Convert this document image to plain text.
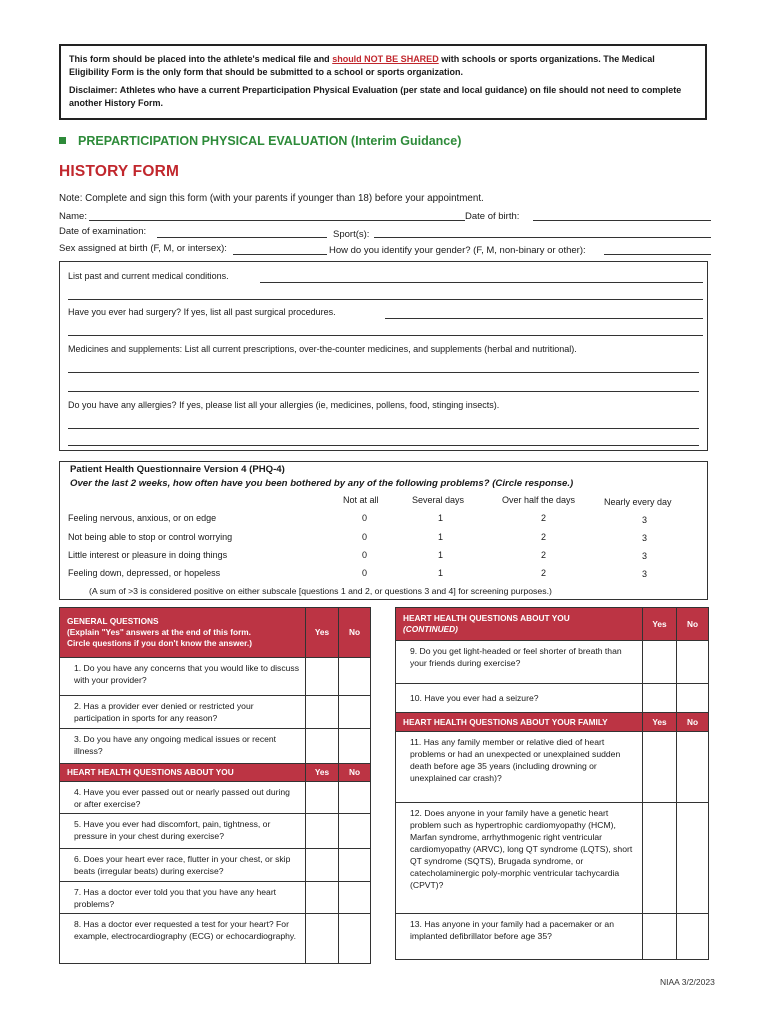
This form should be placed into the athlete's medical file and should NOT BE SHARED with schools or sports organizations. The Medical Eligibility Form is the only form that should be submitted to a school or sports organization.

Disclaimer: Athletes who have a current Preparticipation Physical Evaluation (per state and local guidance) on file should not need to complete another History Form.

PREPARTICIPATION PHYSICAL EVALUATION (Interim Guidance)
HISTORY FORM
Note: Complete and sign this form (with your parents if younger than 18) before your appointment.
Name:	Date of birth:
Date of examination:	Sport(s):
Sex assigned at birth (F, M, or intersex):	How do you identify your gender? (F, M, non-binary or other):
List past and current medical conditions.
Have you ever had surgery? If yes, list all past surgical procedures.
Medicines and supplements: List all current prescriptions, over-the-counter medicines, and supplements (herbal and nutritional).
Do you have any allergies? If yes, please list all your allergies (ie, medicines, pollens, food, stinging insects).
Patient Health Questionnaire Version 4 (PHQ-4)
Over the last 2 weeks, how often have you been bothered by any of the following problems? (Circle response.)
Not at all	Several days	Over half the days	Nearly every day
Feeling nervous, anxious, or on edge	0	1	2	3
Not being able to stop or control worrying	0	1	2	3
Little interest or pleasure in doing things	0	1	2	3
Feeling down, depressed, or hopeless	0	1	2	3
(A sum of >3 is considered positive on either subscale [questions 1 and 2, or questions 3 and 4] for screening purposes.)
GENERAL QUESTIONS
(Explain "Yes" answers at the end of this form.
Circle questions if you don't know the answer.)	Yes	No
1. Do you have any concerns that you would like to discuss with your provider?		
2. Has a provider ever denied or restricted your participation in sports for any reason?		
3. Do you have any ongoing medical issues or recent illness?		
HEART HEALTH QUESTIONS ABOUT YOU	Yes	No
4. Have you ever passed out or nearly passed out during or after exercise?		
5. Have you ever had discomfort, pain, tightness, or pressure in your chest during exercise?		
6. Does your heart ever race, flutter in your chest, or skip beats (irregular beats) during exercise?		
7. Has a doctor ever told you that you have any heart problems?		
8. Has a doctor ever requested a test for your heart? For example, electrocardiography (ECG) or echocardiography.		
HEART HEALTH QUESTIONS ABOUT YOU
(CONTINUED)	Yes	No
9. Do you get light-headed or feel shorter of breath than your friends during exercise?		
10. Have you ever had a seizure?		
HEART HEALTH QUESTIONS ABOUT YOUR FAMILY	Yes	No
11. Has any family member or relative died of heart problems or had an unexpected or unexplained sudden death before age 35 years (including drowning or unexplained car crash)?		
12. Does anyone in your family have a genetic heart problem such as hypertrophic cardiomyopathy (HCM), Marfan syndrome, arrhythmogenic right ventricular cardiomyopathy (ARVC), long QT syndrome (LQTS), short QT syndrome (SQTS), Brugada syndrome, or catecholaminergic poly-morphic ventricular tachycardia (CPVT)?		
13. Has anyone in your family had a pacemaker or an implanted defibrillator before age 35?		
NIAA 3/2/2023
